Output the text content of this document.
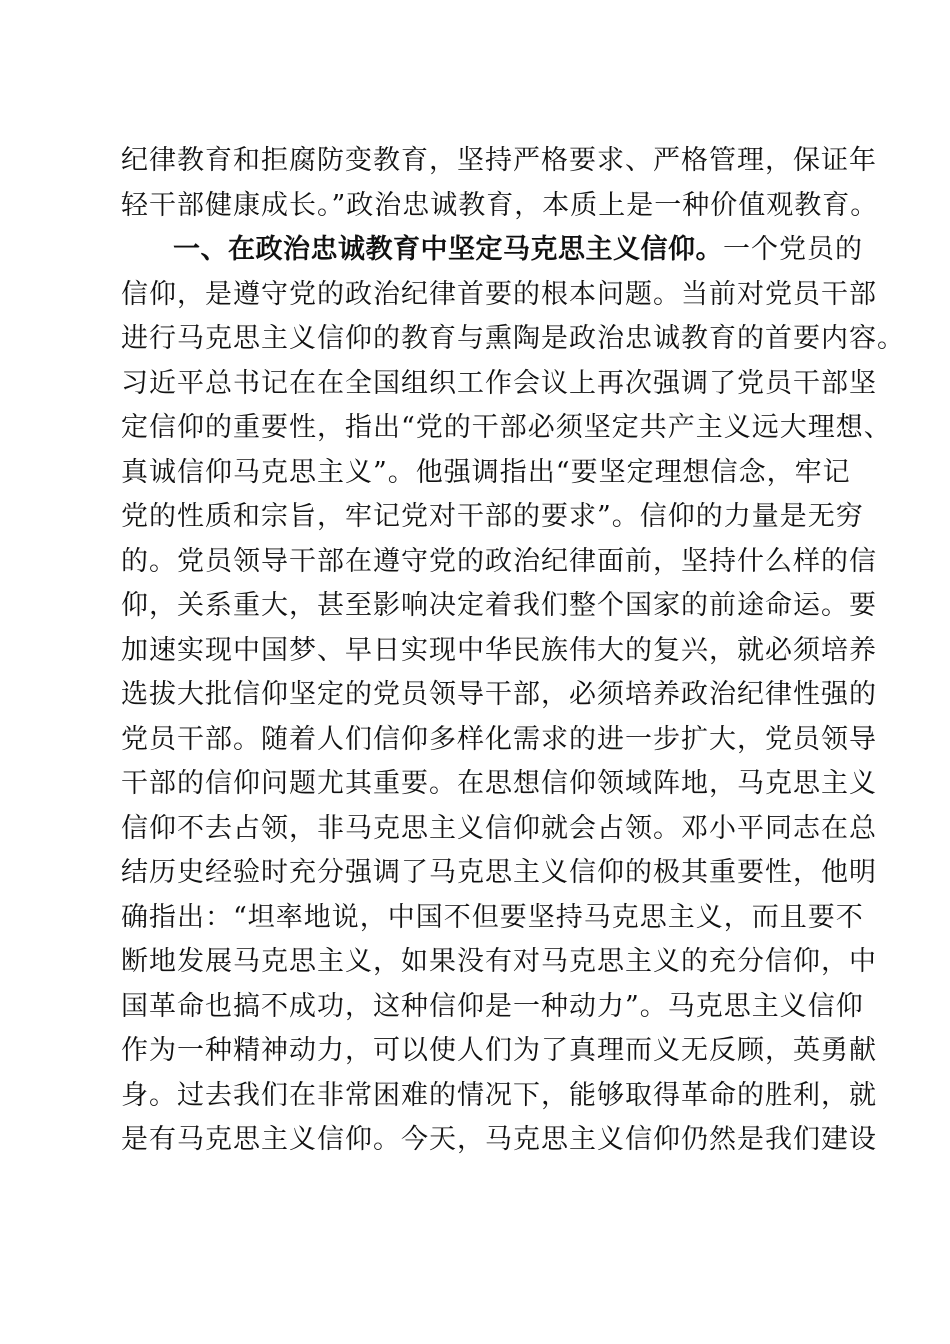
纪律教育和拒腐防变教育，坚持严格要求、严格管理，保证年
轻干部健康成长。”政治忠诚教育，本质上是一种价值观教育。
一、在政治忠诚教育中坚定马克思主义信仰。一个党员的
信仰，是遵守党的政治纪律首要的根本问题。当前对党员干部
进行马克思主义信仰的教育与熏陶是政治忠诚教育的首要内容。
习近平总书记在在全国组织工作会议上再次强调了党员干部坚
定信仰的重要性，指出“党的干部必须坚定共产主义远大理想、
真诚信仰马克思主义”。他强调指出“要坚定理想信念，牢记
党的性质和宗旨，牢记党对干部的要求”。信仰的力量是无穷
的。党员领导干部在遵守党的政治纪律面前，坚持什么样的信
仰，关系重大，甚至影响决定着我们整个国家的前途命运。要
加速实现中国梦、早日实现中华民族伟大的复兴，就必须培养
选拔大批信仰坚定的党员领导干部，必须培养政治纪律性强的
党员干部。随着人们信仰多样化需求的进一步扩大，党员领导
干部的信仰问题尤其重要。在思想信仰领域阵地，马克思主义
信仰不去占领，非马克思主义信仰就会占领。邓小平同志在总
结历史经验时充分强调了马克思主义信仰的极其重要性，他明
确指出：“坦率地说，中国不但要坚持马克思主义，而且要不
断地发展马克思主义，如果没有对马克思主义的充分信仰，中
国革命也搞不成功，这种信仰是一种动力”。马克思主义信仰
作为一种精神动力，可以使人们为了真理而义无反顾，英勇献
身。过去我们在非常困难的情况下，能够取得革命的胜利，就
是有马克思主义信仰。今天，马克思主义信仰仍然是我们建设
